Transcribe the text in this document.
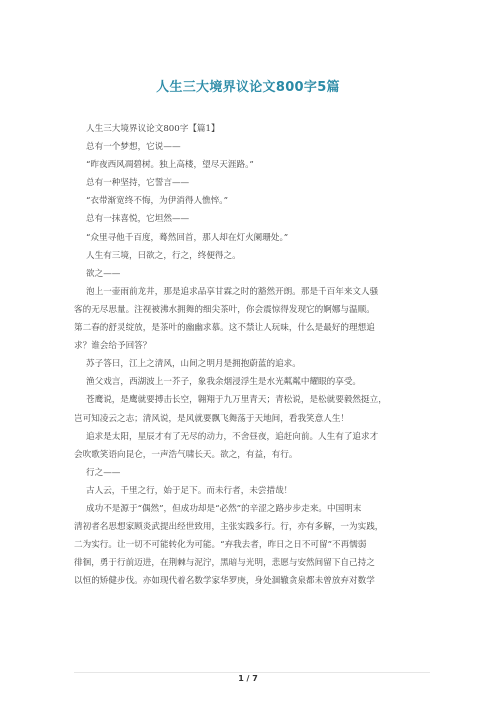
人生三大境界议论文800字5篇

人生三大境界议论文800字【篇1】

总有一个梦想，它说——

“昨夜西风凋碧树。独上高楼，望尽天涯路。”

总有一种坚持，它誓言——

“衣带渐宽终不悔，为伊消得人憔悴。”

总有一抹喜悦，它坦然——

“众里寻他千百度，蓦然回首，那人却在灯火阑珊处。”

人生有三境，曰欲之，行之，终便得之。

欲之——

泡上一壶雨前龙井，那是追求品享甘霖之时的豁然开朗。那是千百年来文人骚

客的无尽思量。注视被沸水拥舞的细尖茶叶，你会震惊得发现它的婀娜与温顺。

第二春的舒灵绽放，是茶叶的幽幽求慕。这不禁让人玩味，什么是最好的理想追

求？谁会给予回答？

苏子答曰，江上之清风，山间之明月是拥抱蔚蓝的追求。

渔父戏言，西湖波上一芥子，象我余烟浸浮生是水光粼粼中耀眼的享受。

苍鹰说，是鹰就要搏击长空，翱翔于九万里青天；青松说，是松就要毅然挺立，

岂可知凌云之志；清风说，是风就要飘飞舞荡于天地间，看我笑意人生！

追求是太阳，星辰才有了无尽的动力，不舍昼夜，追赶向前。人生有了追求才

会吹歌笑语向昆仑，一声浩气啸长天。欲之，有益，有行。

行之——

古人云，千里之行，始于足下。而未行者，未尝措哉！

成功不是源于“偶然”，但成功却是“必然”的辛涩之路步步走来。中国明末

清初者名思想家顾炎武提出经世致用，主张实践多行。行，亦有多解，一为实践，

二为实行。让一切不可能转化为可能。“弃我去者，昨日之日不可留”不再懦弱

徘徊，勇于行前迈进，在荆棘与泥泞，黑暗与光明，悲愿与安然间留下自己持之

以恒的矫健步伐。亦如现代着名数学家华罗庚，身处涸辙贪泉都未曾放弃对数学

1 / 7
